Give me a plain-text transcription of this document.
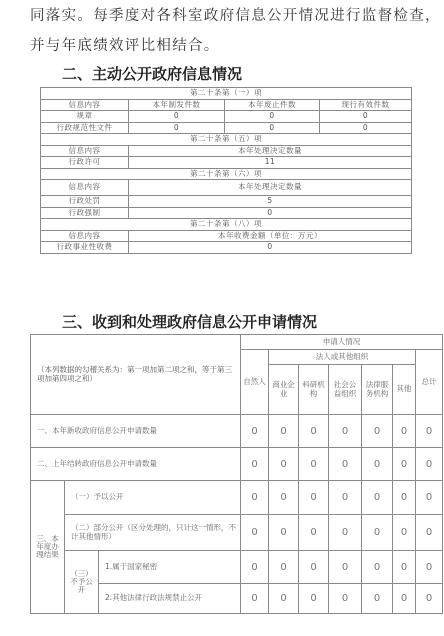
同落实。每季度对各科室政府信息公开情况进行监督检查，
并与年底绩效评比相结合。
二、主动公开政府信息情况
第二十条第（一）项			
信息内容	本年制发件数	本年废止件数	现行有效件数
规章	0	0	0
行政规范性文件	0	0	0
第二十条第（五）项			
信息内容	本年处理决定数量		
行政许可	11		
第二十条第（六）项			
信息内容	本年处理决定数量		
行政处罚	5		
行政强制	0		
第二十条第（八）项			
信息内容	本年收费金额（单位：万元）		
行政事业性收费	0		
三、收到和处理政府信息公开申请情况
（本列数据的勾稽关系为：第一项加第二项之和，等于第三项加第四项之和）			申请人情况						
			自然人	法人或其他组织					总计
				商业企业	科研机构	社会公益组织	法律服务机构	其他	
一、本年新收政府信息公开申请数量			0	0	0	0	0	0	0
二、上年结转政府信息公开申请数量			0	0	0	0	0	0	0
三、本年度办理结果	（一）予以公开		0	0	0	0	0	0	0
	（二）部分公开（区分处理的，只计这一情形，不计其他情形）		0	0	0	0	0	0	0
	（三）不予公开	1.属于国家秘密	0	0	0	0	0	0	0
		2.其他法律行政法规禁止公开	0	0	0	0	0	0	0
